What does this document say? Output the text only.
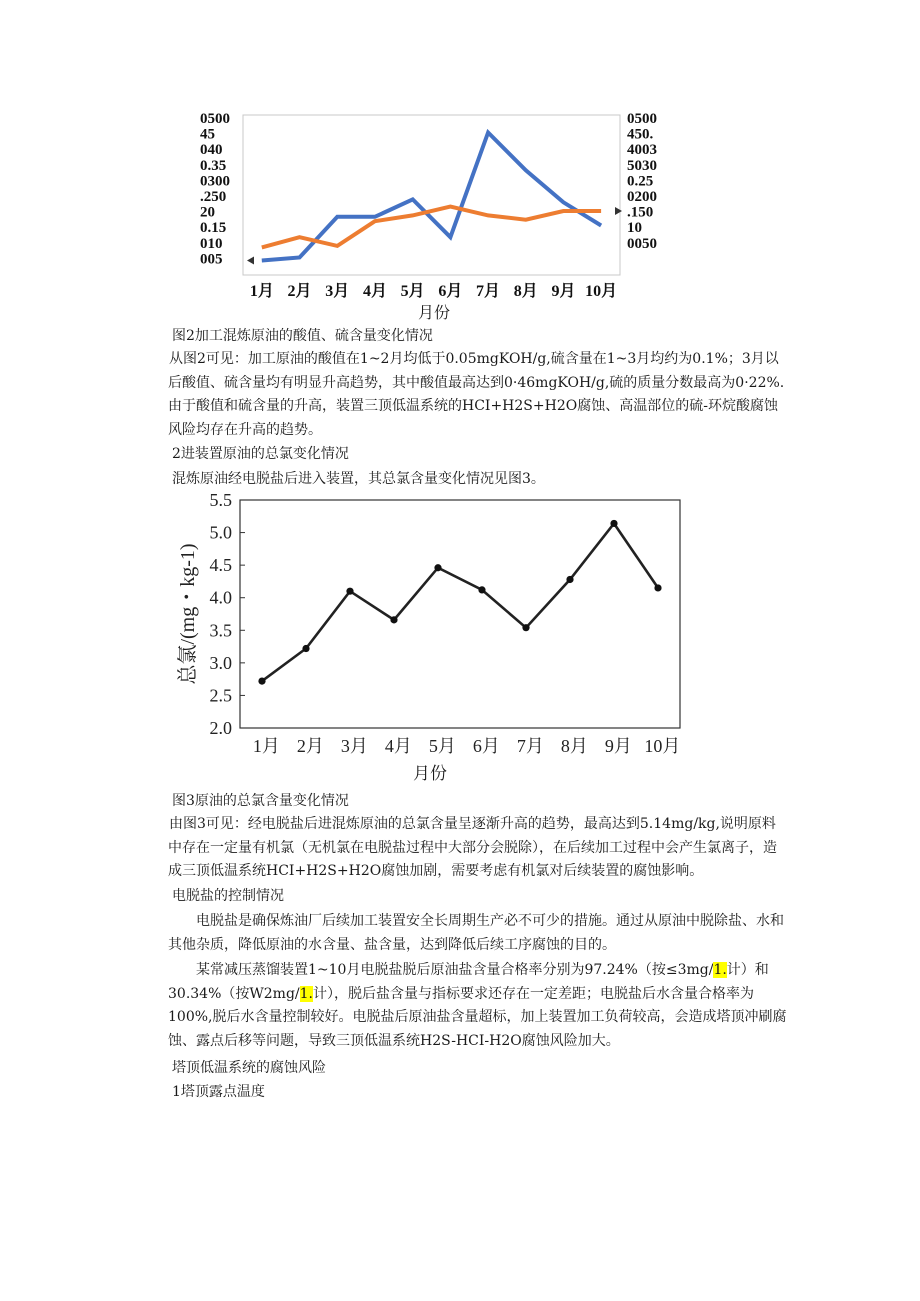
0500
45
040
0.35
0300
.250
20
0.15
010
005
0500
450.
4003
5030
0.25
0200
.150
10
0050
1月 2月 3月 4月 5月 6月 7月 8月 9月 10月
月份
图2加工混炼原油的酸值、硫含量变化情况

从图2可见：加工原油的酸值在1~2月均低于0.05mgKOH/g,硫含量在1~3月均约为0.1%；3月以后酸值、硫含量均有明显升高趋势，其中酸值最高达到0·46mgKOH/g,硫的质量分数最高为0·22%.由于酸值和硫含量的升高，装置三顶低温系统的HCI+H2S+H2O腐蚀、高温部位的硫-环烷酸腐蚀风险均存在升高的趋势。

2进装置原油的总氯变化情况
混炼原油经电脱盐后进入装置，其总氯含量变化情况见图3。
5.5
5.0
4.5
4.0
3.5
3.0
2.5
2.0
1月 2月 3月 4月 5月 6月 7月 8月 9月 10月
总氯/(mg・kg-1)
月份
图3原油的总氯含量变化情况

由图3可见：经电脱盐后进混炼原油的总氯含量呈逐渐升高的趋势，最高达到5.14mg/kg,说明原料中存在一定量有机氯（无机氯在电脱盐过程中大部分会脱除），在后续加工过程中会产生氯离子，造成三顶低温系统HCI+H2S+H2O腐蚀加剧，需要考虑有机氯对后续装置的腐蚀影响。

电脱盐的控制情况

电脱盐是确保炼油厂后续加工装置安全长周期生产必不可少的措施。通过从原油中脱除盐、水和其他杂质，降低原油的水含量、盐含量，达到降低后续工序腐蚀的目的。

某常减压蒸馏装置1~10月电脱盐脱后原油盐含量合格率分别为97.24%（按≤3mg/1.计）和30.34%（按W2mg/1.计），脱后盐含量与指标要求还存在一定差距；电脱盐后水含量合格率为100%,脱后水含量控制较好。电脱盐后原油盐含量超标，加上装置加工负荷较高，会造成塔顶冲刷腐蚀、露点后移等问题，导致三顶低温系统H2S-HCI-H2O腐蚀风险加大。

塔顶低温系统的腐蚀风险
1塔顶露点温度
